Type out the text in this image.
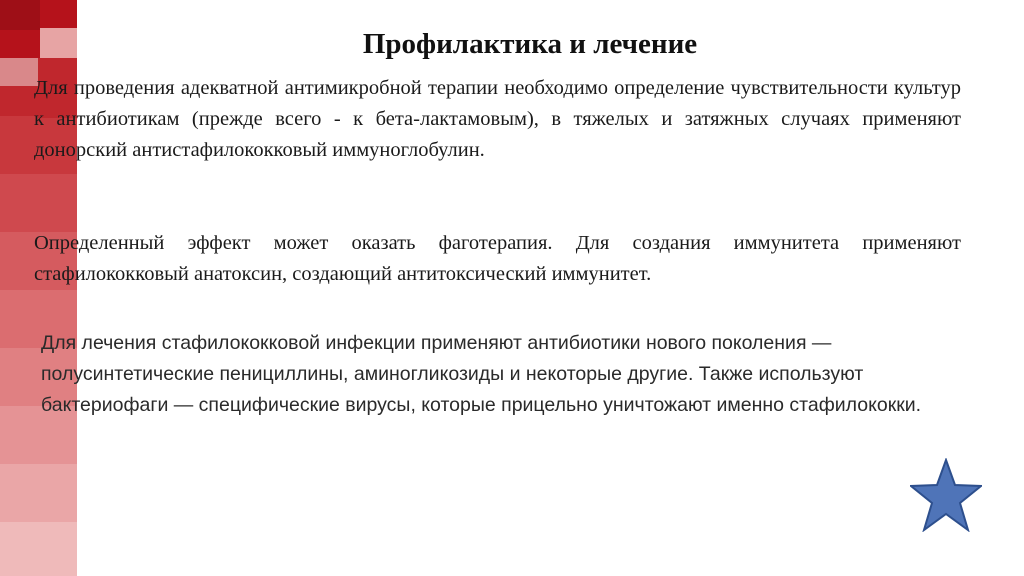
Профилактика и лечение

Для проведения адекватной антимикробной терапии необходимо определение чувствительности культур к антибиотикам (прежде всего - к бета-лактамовым), в тяжелых и затяжных случаях применяют донорский антистафилококковый иммуноглобулин.

Определенный эффект может оказать фаготерапия. Для создания иммунитета применяют стафилококковый анатоксин, создающий антитоксический иммунитет.

Для лечения стафилококковой инфекции применяют антибиотики нового поколения — полусинтетические пенициллины, аминогликозиды и некоторые другие. Также используют бактериофаги — специфические вирусы, которые прицельно уничтожают именно стафилококки.
